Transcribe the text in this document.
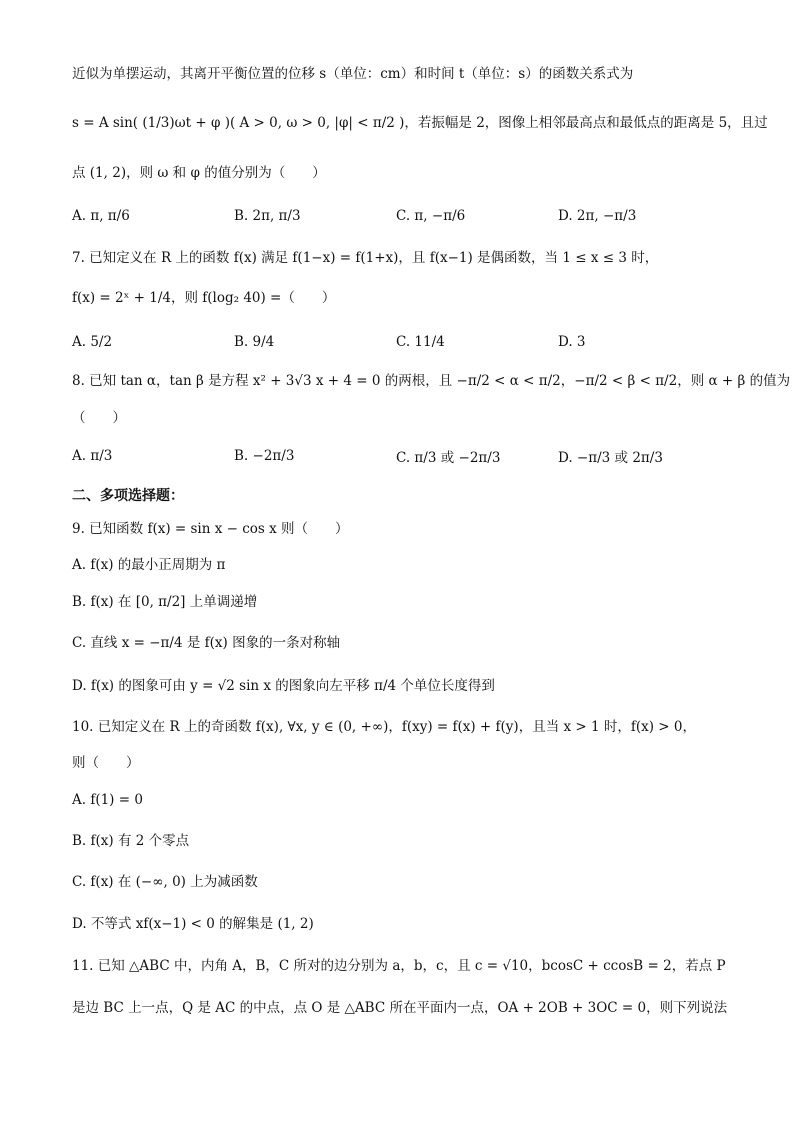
近似为单摆运动，其离开平衡位置的位移 s（单位：cm）和时间 t（单位：s）的函数关系式为
s = A sin( (1/3)ωt + φ )( A > 0, ω > 0, |φ| < π/2 )，若振幅是 2，图像上相邻最高点和最低点的距离是 5，且过
点 (1, 2)，则 ω 和 φ 的值分别为（　　）
A. π, π/6	B. 2π, π/3	C. π, −π/6	D. 2π, −π/3
7. 已知定义在 R 上的函数 f(x) 满足 f(1−x) = f(1+x)，且 f(x−1) 是偶函数，当 1 ≤ x ≤ 3 时，
f(x) = 2ˣ + 1/4，则 f(log₂ 40) =（　　）
A. 5/2	B. 9/4	C. 11/4	D. 3
8. 已知 tan α，tan β 是方程 x² + 3√3 x + 4 = 0 的两根，且 −π/2 < α < π/2，−π/2 < β < π/2，则 α + β 的值为
（　　）
A. π/3	B. −2π/3	C. π/3 或 −2π/3	D. −π/3 或 2π/3
二、多项选择题：
9. 已知函数 f(x) = sin x − cos x 则（　　）
A. f(x) 的最小正周期为 π
B. f(x) 在 [0, π/2] 上单调递增
C. 直线 x = −π/4 是 f(x) 图象的一条对称轴
D. f(x) 的图象可由 y = √2 sin x 的图象向左平移 π/4 个单位长度得到
10. 已知定义在 R 上的奇函数 f(x), ∀x, y ∈ (0, +∞)，f(xy) = f(x) + f(y)，且当 x > 1 时，f(x) > 0，
则（　　）
A. f(1) = 0
B. f(x) 有 2 个零点
C. f(x) 在 (−∞, 0) 上为减函数
D. 不等式 xf(x−1) < 0 的解集是 (1, 2)
11. 已知 △ABC 中，内角 A，B，C 所对的边分别为 a，b，c，且 c = √10，bcosC + ccosB = 2，若点 P
是边 BC 上一点，Q 是 AC 的中点，点 O 是 △ABC 所在平面内一点，OA + 2OB + 3OC = 0，则下列说法
